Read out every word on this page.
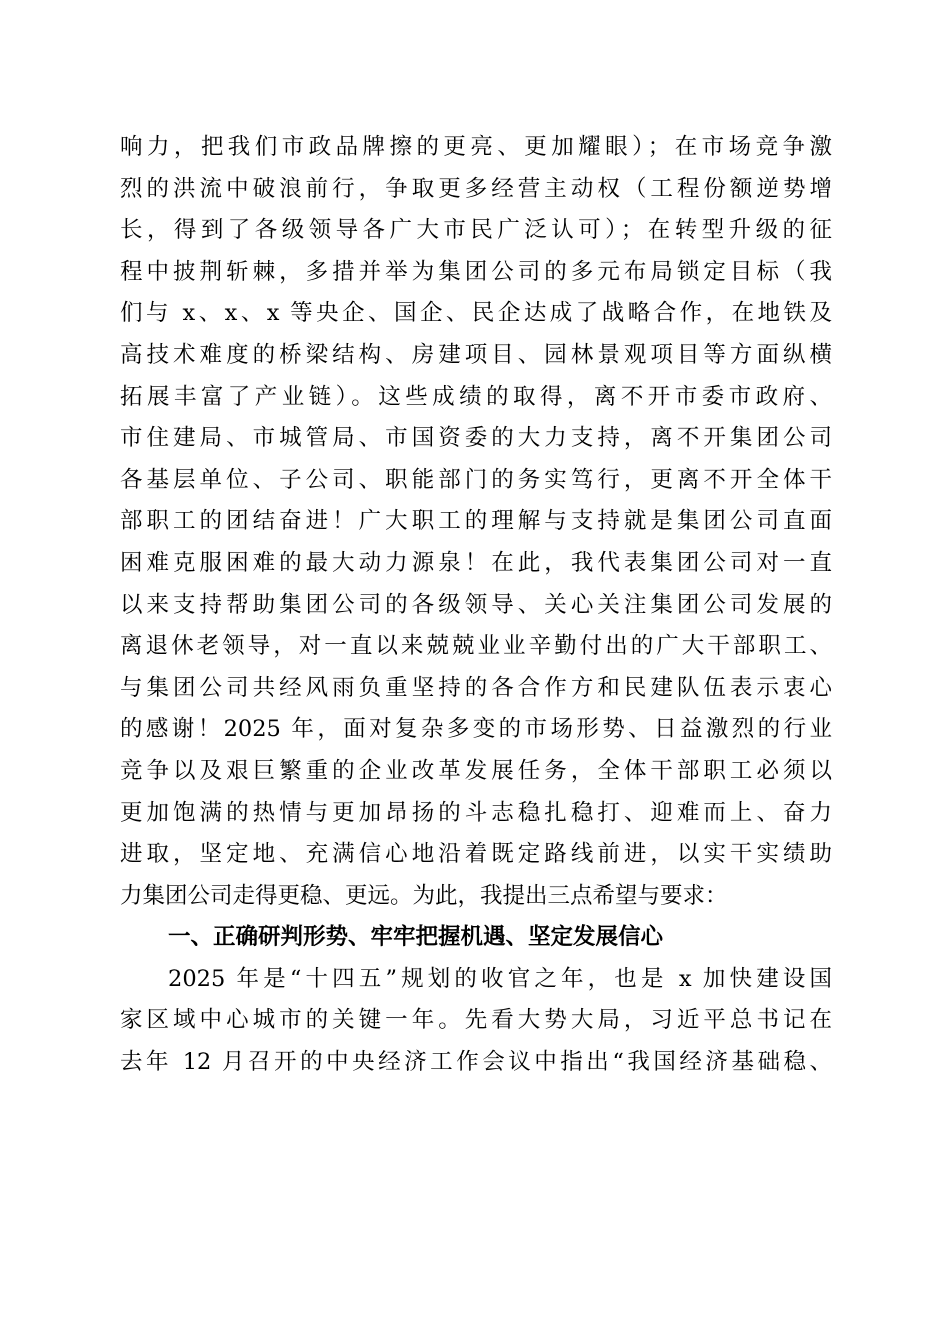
响力，把我们市政品牌擦的更亮、更加耀眼）；在市场竞争激
烈的洪流中破浪前行，争取更多经营主动权（工程份额逆势增
长，得到了各级领导各广大市民广泛认可）；在转型升级的征
程中披荆斩棘，多措并举为集团公司的多元布局锁定目标（我
们与 x、x、x 等央企、国企、民企达成了战略合作，在地铁及
高技术难度的桥梁结构、房建项目、园林景观项目等方面纵横
拓展丰富了产业链）。这些成绩的取得，离不开市委市政府、
市住建局、市城管局、市国资委的大力支持，离不开集团公司
各基层单位、子公司、职能部门的务实笃行，更离不开全体干
部职工的团结奋进！广大职工的理解与支持就是集团公司直面
困难克服困难的最大动力源泉！在此，我代表集团公司对一直
以来支持帮助集团公司的各级领导、关心关注集团公司发展的
离退休老领导，对一直以来兢兢业业辛勤付出的广大干部职工、
与集团公司共经风雨负重坚持的各合作方和民建队伍表示衷心
的感谢！2025 年，面对复杂多变的市场形势、日益激烈的行业
竞争以及艰巨繁重的企业改革发展任务，全体干部职工必须以
更加饱满的热情与更加昂扬的斗志稳扎稳打、迎难而上、奋力
进取，坚定地、充满信心地沿着既定路线前进，以实干实绩助
力集团公司走得更稳、更远。为此，我提出三点希望与要求：
一、正确研判形势、牢牢把握机遇、坚定发展信心
2025 年是“十四五”规划的收官之年，也是 x 加快建设国
家区域中心城市的关键一年。先看大势大局，习近平总书记在
去年 12 月召开的中央经济工作会议中指出“我国经济基础稳、
